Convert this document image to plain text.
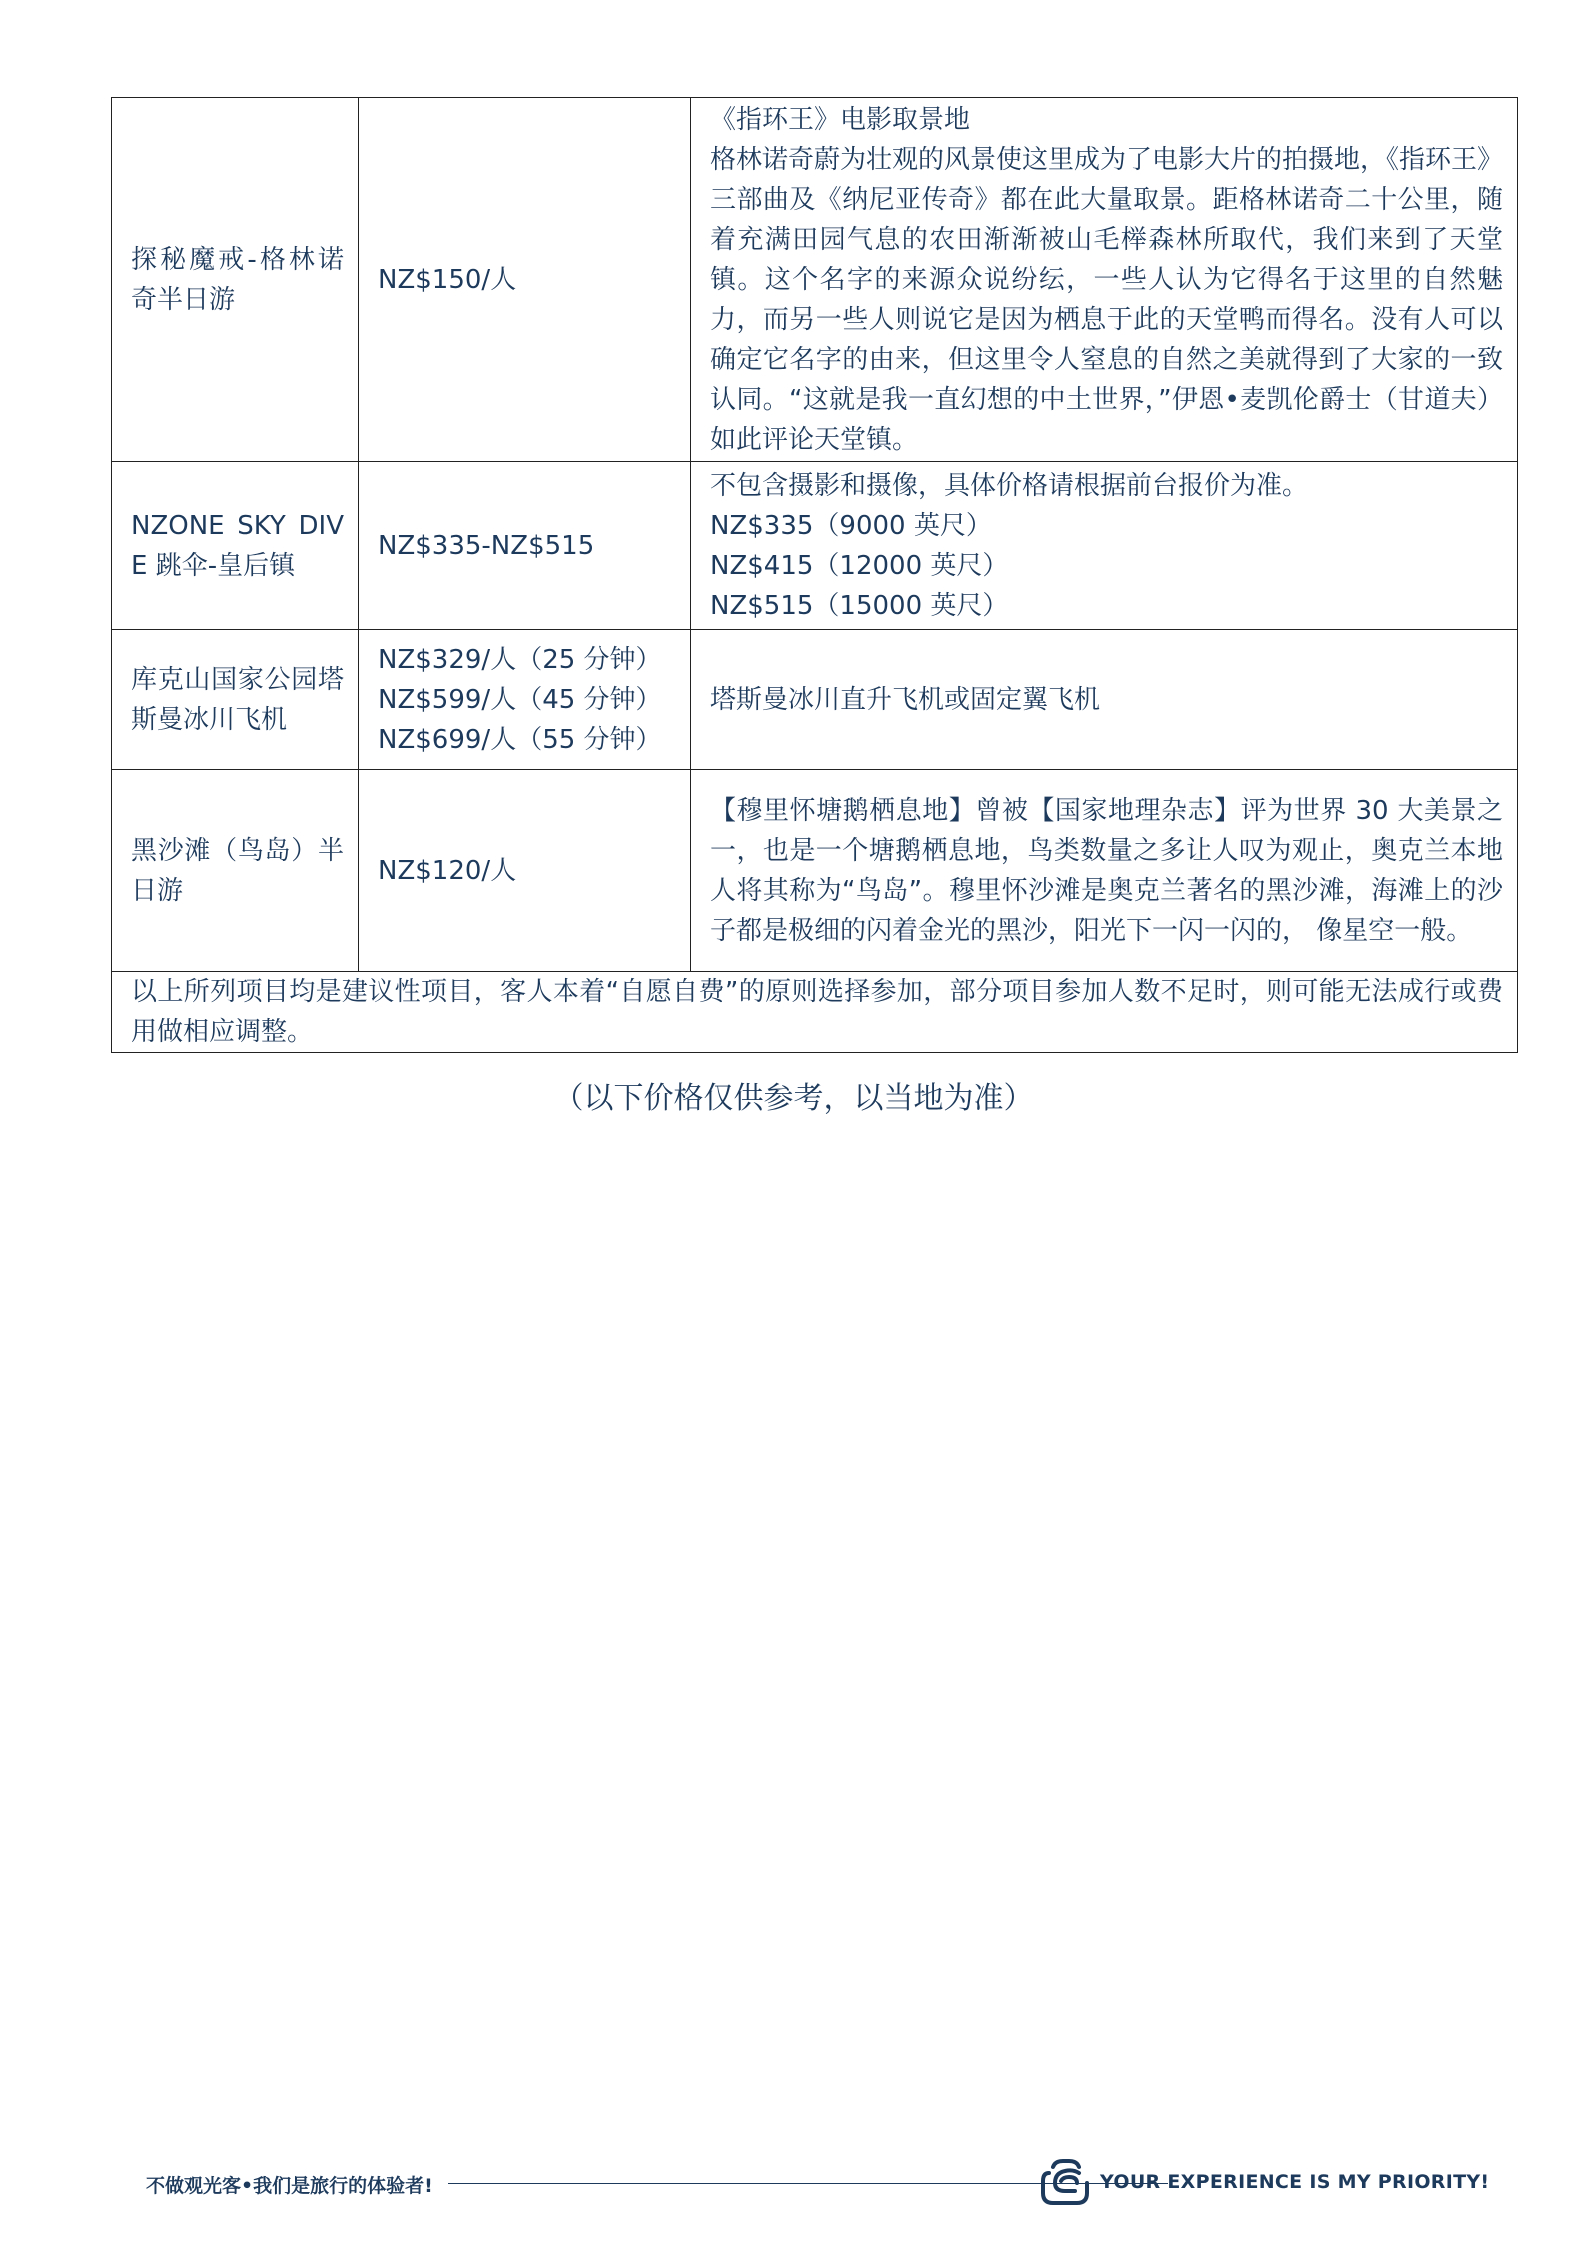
探秘魔戒-格林诺奇半日游	NZ$150/人	《指环王》电影取景地
格林诺奇蔚为壮观的风景使这里成为了电影大片的拍摄地，《指环王》三部曲及《纳尼亚传奇》都在此大量取景。距格林诺奇二十公里，随着充满田园气息的农田渐渐被山毛榉森林所取代，我们来到了天堂镇。这个名字的来源众说纷纭，一些人认为它得名于这里的自然魅力，而另一些人则说它是因为栖息于此的天堂鸭而得名。没有人可以确定它名字的由来，但这里令人窒息的自然之美就得到了大家的一致认同。“这就是我一直幻想的中土世界，”伊恩•麦凯伦爵士（甘道夫）如此评论天堂镇。

NZONE SKY DIVE 跳伞-皇后镇	NZ$335-NZ$515	不包含摄影和摄像，具体价格请根据前台报价为准。
NZ$335（9000 英尺）
NZ$415（12000 英尺）
NZ$515（15000 英尺）

库克山国家公园塔斯曼冰川飞机	NZ$329/人（25 分钟）
NZ$599/人（45 分钟）
NZ$699/人（55 分钟）	塔斯曼冰川直升飞机或固定翼飞机

黑沙滩（鸟岛）半日游	NZ$120/人	【穆里怀塘鹅栖息地】曾被【国家地理杂志】评为世界 30 大美景之一，也是一个塘鹅栖息地，鸟类数量之多让人叹为观止，奥克兰本地人将其称为“鸟岛”。穆里怀沙滩是奥克兰著名的黑沙滩，海滩上的沙子都是极细的闪着金光的黑沙，阳光下一闪一闪的， 像星空一般。

以上所列项目均是建议性项目，客人本着“自愿自费”的原则选择参加，部分项目参加人数不足时，则可能无法成行或费用做相应调整。		
（以下价格仅供参考，以当地为准）
不做观光客•我们是旅行的体验者!	YOUR EXPERIENCE IS MY PRIORITY!
